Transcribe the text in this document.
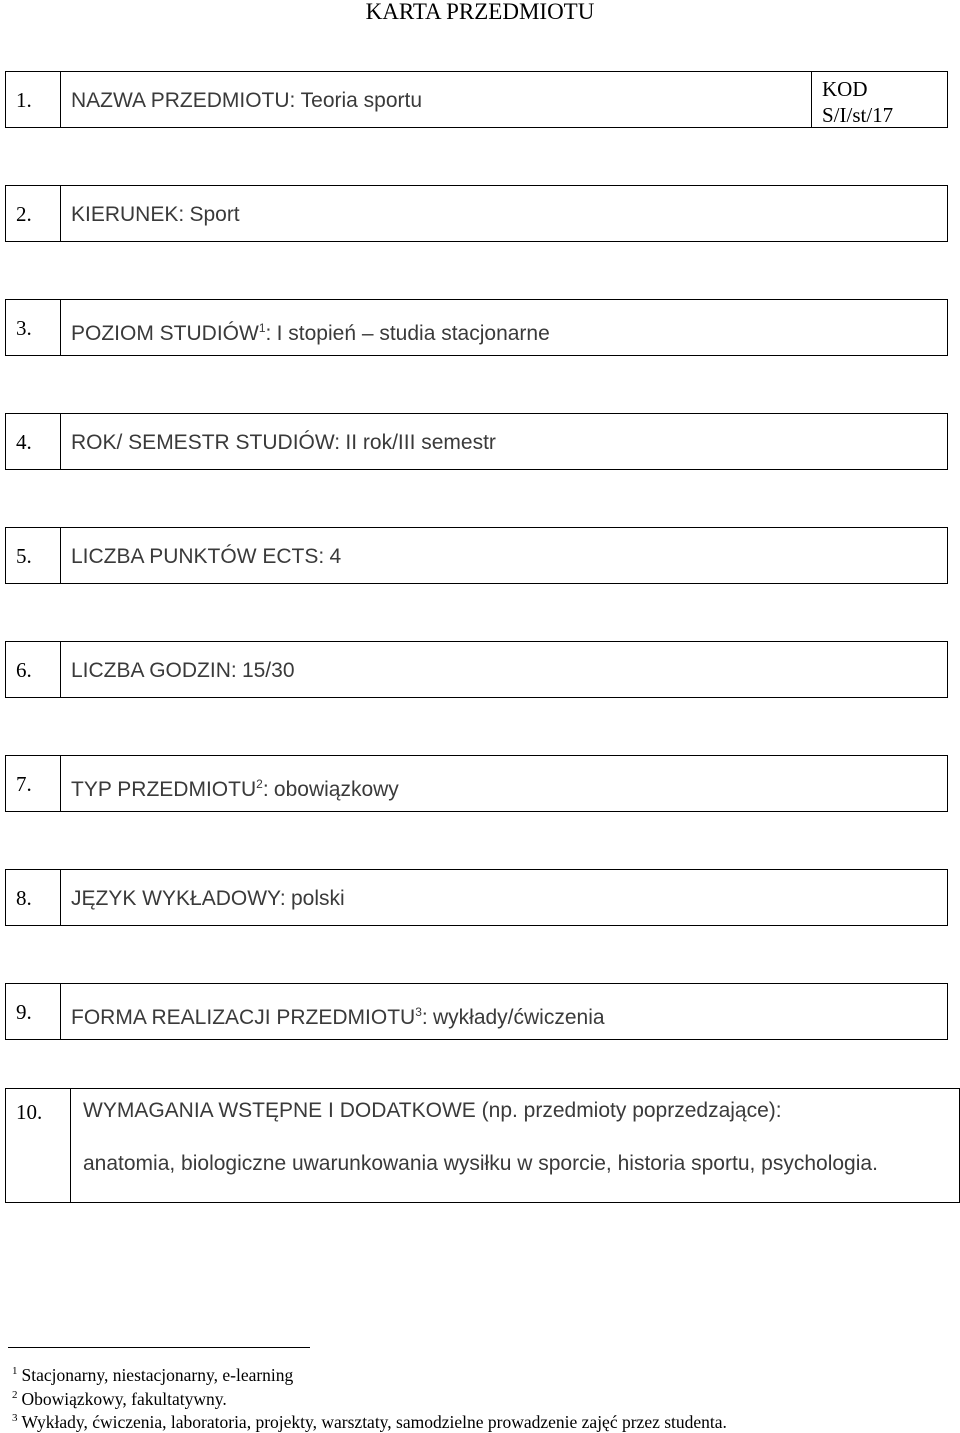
KARTA PRZEDMIOTU
1.	NAZWA PRZEDMIOTU: Teoria sportu	KOD
S/I/st/17
2.	KIERUNEK: Sport
3.	POZIOM STUDIÓW$^1$: I stopień – studia stacjonarne
4.	ROK/ SEMESTR STUDIÓW: II rok/III semestr
5.	LICZBA PUNKTÓW ECTS: 4
6.	LICZBA GODZIN: 15/30
7.	TYP PRZEDMIOTU$^2$: obowiązkowy
8.	JĘZYK WYKŁADOWY: polski
9.	FORMA REALIZACJI PRZEDMIOTU$^3$: wykłady/ćwiczenia
10.	WYMAGANIA WSTĘPNE I DODATKOWE (np. przedmioty poprzedzające):
anatomia, biologiczne uwarunkowania wysiłku w sporcie, historia sportu, psychologia.
$^1$ Stacjonarny, niestacjonarny, e-learning
$^2$ Obowiązkowy, fakultatywny.
$^3$ Wykłady, ćwiczenia, laboratoria, projekty, warsztaty, samodzielne prowadzenie zajęć przez studenta.
